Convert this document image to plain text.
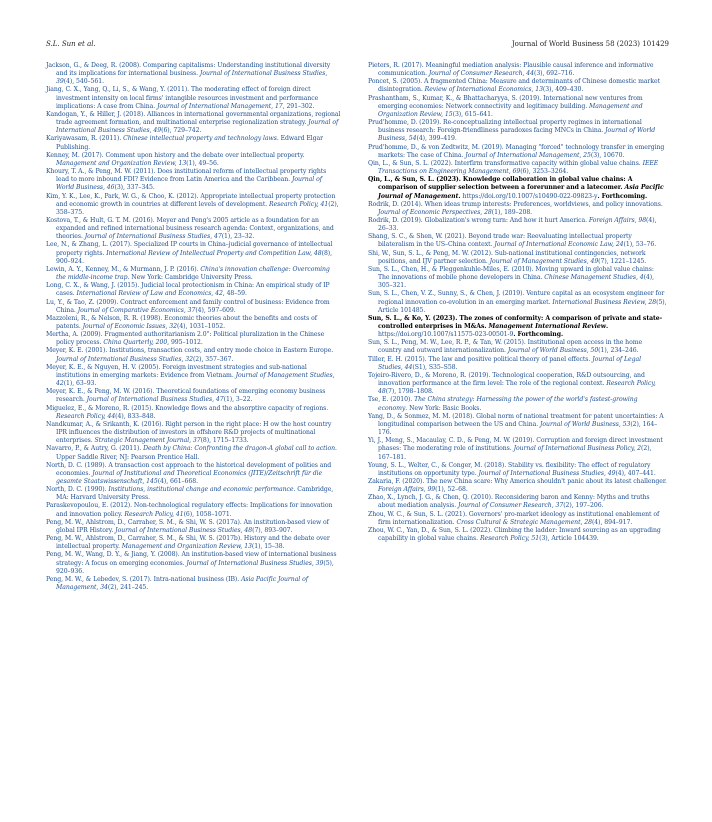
S.L. Sun et al.	Journal of World Business 58 (2023) 101429

Jackson, G., & Deeg, R. (2008). Comparing capitalisms: Understanding institutional diversity and its implications for international business. Journal of International Business Studies, 39(4), 540–561.

Jiang, C. X., Yang, Q., Li, S., & Wang, Y. (2011). The moderating effect of foreign direct investment intensity on local firms' intangible resources investment and performance implications: A case from China. Journal of International Management, 17, 291–302.

Kandogan, Y., & Hiller, J. (2018). Alliances in international governmental organizations, regional trade agreement formation, and multinational enterprise regionalization strategy. Journal of International Business Studies, 49(6), 729–742.

Kariyawasam, R. (2011). Chinese intellectual property and technology laws. Edward Elgar Publishing.

Kenney, M. (2017). Comment upon history and the debate over intellectual property. Management and Organization Review, 13(1), 49–56.

Khoury, T. A., & Peng, M. W. (2011). Does institutional reform of intellectual property rights lead to more inbound FDI? Evidence from Latin America and the Caribbean. Journal of World Business, 46(3), 337–345.

Kim, Y. K., Lee, K., Park, W. G., & Choo, K. (2012). Appropriate intellectual property protection and economic growth in countries at different levels of development. Research Policy, 41(2), 358–375.

Kostova, T., & Hult, G. T. M. (2016). Meyer and Peng's 2005 article as a foundation for an expanded and refined international business research agenda: Context, organizations, and theories. Journal of International Business Studies, 47(1), 23–32.

Lee, N., & Zhang, L. (2017). Specialized IP courts in China–judicial governance of intellectual property rights. International Review of Intellectual Property and Competition Law, 48(8), 900–924.

Lewin, A. Y., Kenney, M., & Murmann, J. P. (2016). China's innovation challenge: Overcoming the middle-income trap. New York: Cambridge University Press.

Long, C. X., & Wang, J. (2015). Judicial local protectionism in China: An empirical study of IP cases. International Review of Law and Economics, 42, 48–59.

Lu, Y., & Tao, Z. (2009). Contract enforcement and family control of business: Evidence from China. Journal of Comparative Economics, 37(4), 597–609.

Mazzoleni, R., & Nelson, R. R. (1998). Economic theories about the benefits and costs of patents. Journal of Economic Issues, 32(4), 1031–1052.

Mertha, A. (2009). Fragmented authoritarianism 2.0": Political pluralization in the Chinese policy process. China Quarterly, 200, 995–1012.

Meyer, K. E. (2001). Institutions, transaction costs, and entry mode choice in Eastern Europe. Journal of International Business Studies, 32(2), 357–367.

Meyer, K. E., & Nguyen, H. V. (2005). Foreign investment strategies and sub-national institutions in emerging markets: Evidence from Vietnam. Journal of Management Studies, 42(1), 63–93.

Meyer, K. E., & Peng, M. W. (2016). Theoretical foundations of emerging economy business research. Journal of International Business Studies, 47(1), 3–22.

Miguelez, E., & Moreno, R. (2015). Knowledge flows and the absorptive capacity of regions. Research Policy, 44(4), 833–848.

Nandkumar, A., & Srikanth, K. (2016). Right person in the right place: H ow the host country IPR influences the distribution of investors in offshore R&D projects of multinational enterprises. Strategic Management Journal, 37(8), 1715–1733.

Navarro, P., & Autry, G. (2011). Death by China: Confronting the dragon-A global call to action. Upper Saddle River, NJ: Pearson Prentice Hall.

North, D. C. (1989). A transaction cost approach to the historical development of polities and economies. Journal of Institutional and Theoretical Economics (JITE)/Zeitschrift für die gesamte Staatswissenschaft, 145(4), 661–668.

North, D. C. (1990). Institutions, institutional change and economic performance. Cambridge, MA: Harvard University Press.

Paraskevopoulou, E. (2012). Non-technological regulatory effects: Implications for innovation and innovation policy. Research Policy, 41(6), 1058–1071.

Peng, M. W., Ahlstrom, D., Carraher, S. M., & Shi, W. S. (2017a). An institution-based view of global IPR History. Journal of International Business Studies, 48(7), 893–907.

Peng, M. W., Ahlstrom, D., Carraher, S. M., & Shi, W. S. (2017b). History and the debate over intellectual property. Management and Organization Review, 13(1), 15–38.

Peng, M. W., Wang, D. Y., & Jiang, Y. (2008). An institution-based view of international business strategy: A focus on emerging economies. Journal of International Business Studies, 39(5), 920–936.

Peng, M. W., & Lebedev, S. (2017). Intra-national business (IB). Asia Pacific Journal of Management, 34(2), 241–245.

Pieters, R. (2017). Meaningful mediation analysis: Plausible causal inference and informative communication. Journal of Consumer Research, 44(3), 692–716.

Poncet, S. (2005). A fragmented China: Measure and determinants of Chinese domestic market disintegration. Review of International Economics, 13(3), 409–430.

Prashantham, S., Kumar, K., & Bhattacharyya, S. (2019). International new ventures from emerging economies: Network connectivity and legitimacy building. Management and Organization Review, 15(3), 615–641.

Prud'homme, D. (2019). Re-conceptualizing intellectual property regimes in international business research: Foreign-friendliness paradoxes facing MNCs in China. Journal of World Business, 54(4), 399–419.

Prud'homme, D., & von Zedtwitz, M. (2019). Managing "forced" technology transfer in emerging markets: The case of China. Journal of International Management, 25(3), 10670.

Qin, L., & Sun, S. L. (2022). Interfirm transformative capacity within global value chains. IEEE Transactions on Engineering Management, 69(6), 3253–3264.

Qin, L., & Sun, S. L. (2023). Knowledge collaboration in global value chains: A comparison of supplier selection between a forerunner and a latecomer. Asia Pacific Journal of Management. https://doi.org/10.1007/s10490-022-09823-y. Forthcoming.

Rodrik, D. (2014). When ideas trump interests: Preferences, worldviews, and policy innovations. Journal of Economic Perspectives, 28(1), 189–208.

Rodrik, D. (2019). Globalization's wrong turn: And how it hurt America. Foreign Affairs, 98(4), 26–33.

Shang, S. C., & Shen, W. (2021). Beyond trade war: Reevaluating intellectual property bilateralism in the US–China context. Journal of International Economic Law, 24(1), 53–76.

Shi, W., Sun, S. L., & Peng, M. W. (2012). Sub-national institutional contingencies, network positions, and IJV partner selection. Journal of Management Studies, 49(7), 1221–1245.

Sun, S. L., Chen, H., & Pleggenkuhle-Miles, E. (2010). Moving upward in global value chains: The innovations of mobile phone developers in China. Chinese Management Studies, 4(4), 305–321.

Sun, S. L., Chen, V. Z., Sunny, S., & Chen, J. (2019). Venture capital as an ecosystem engineer for regional innovation co-evolution in an emerging market. International Business Review, 28(5), Article 101485.

Sun, S. L., & Ko, Y. (2023). The zones of conformity: A comparison of private and state-controlled enterprises in M&As. Management International Review. https://doi.org/10.1007/s11575-023-00501-9. Forthcoming.

Sun, S. L., Peng, M. W., Lee, R. P., & Tan, W. (2015). Institutional open access in the home country and outward internationalization. Journal of World Business, 50(1), 234–246.

Tiller, E. H. (2015). The law and positive political theory of panel effects. Journal of Legal Studies, 44(S1), S35–S58.

Tojeiro-Rivero, D., & Moreno, R. (2019). Technological cooperation, R&D outsourcing, and innovation performance at the firm level: The role of the regional context. Research Policy, 48(7), 1798–1808.

Tse, E. (2010). The China strategy: Harnessing the power of the world's fastest-growing economy. New York: Basic Books.

Yang, D., & Sonmez, M. M. (2018). Global norm of national treatment for patent uncertainties: A longitudinal comparison between the US and China. Journal of World Business, 53(2), 164–176.

Yi, J., Meng, S., Macaulay, C. D., & Peng, M. W. (2019). Corruption and foreign direct investment phases: The moderating role of institutions. Journal of International Business Policy, 2(2), 167–181.

Young, S. L., Welter, C., & Conger, M. (2018). Stability vs. flexibility: The effect of regulatory institutions on opportunity type. Journal of International Business Studies, 49(4), 407–441.

Zakaria, F. (2020). The new China scare: Why America shouldn't panic about its latest challenger. Foreign Affairs, 99(1), 52–68.

Zhao, X., Lynch, J. G., & Chen, Q. (2010). Reconsidering baron and Kenny: Myths and truths about mediation analysis. Journal of Consumer Research, 37(2), 197–206.

Zhou, W. C., & Sun, S. L. (2021). Governors' pro-market ideology as institutional enablement of firm internationalization. Cross Cultural & Strategic Management, 28(4), 894–917.

Zhou, W. C., Yan, D., & Sun, S. L. (2022). Climbing the ladder: Inward sourcing as an upgrading capability in global value chains. Research Policy, 51(3), Article 104439.
